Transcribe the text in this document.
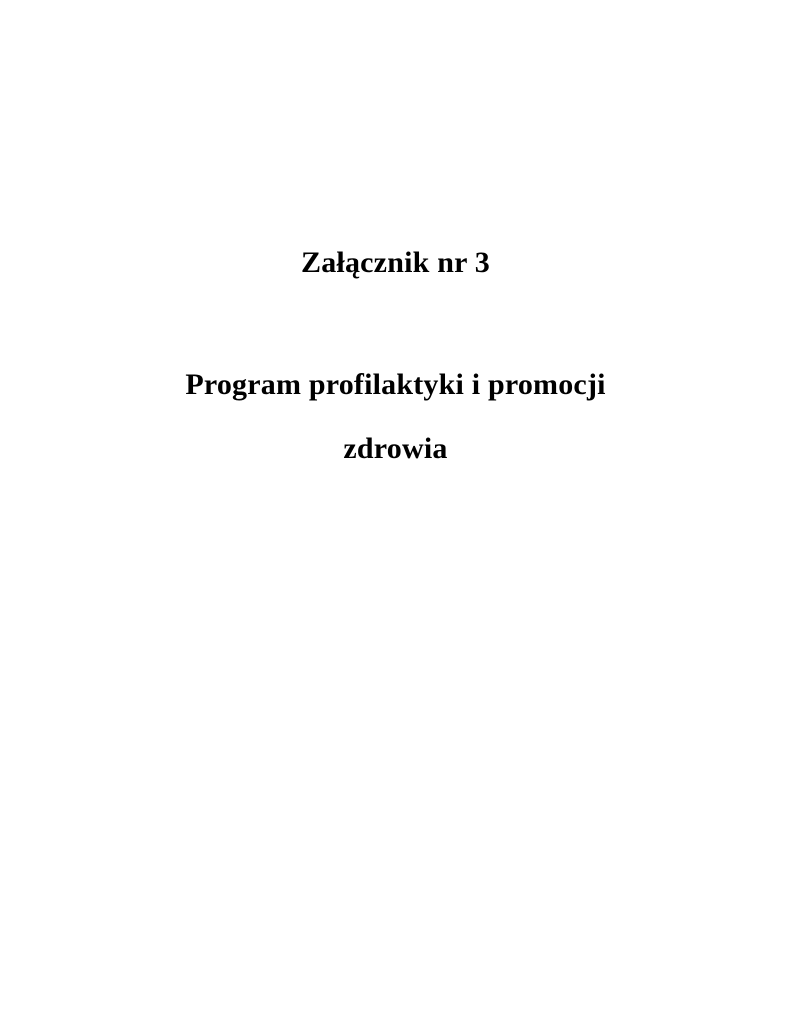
Załącznik nr 3
Program profilaktyki i promocji
zdrowia
